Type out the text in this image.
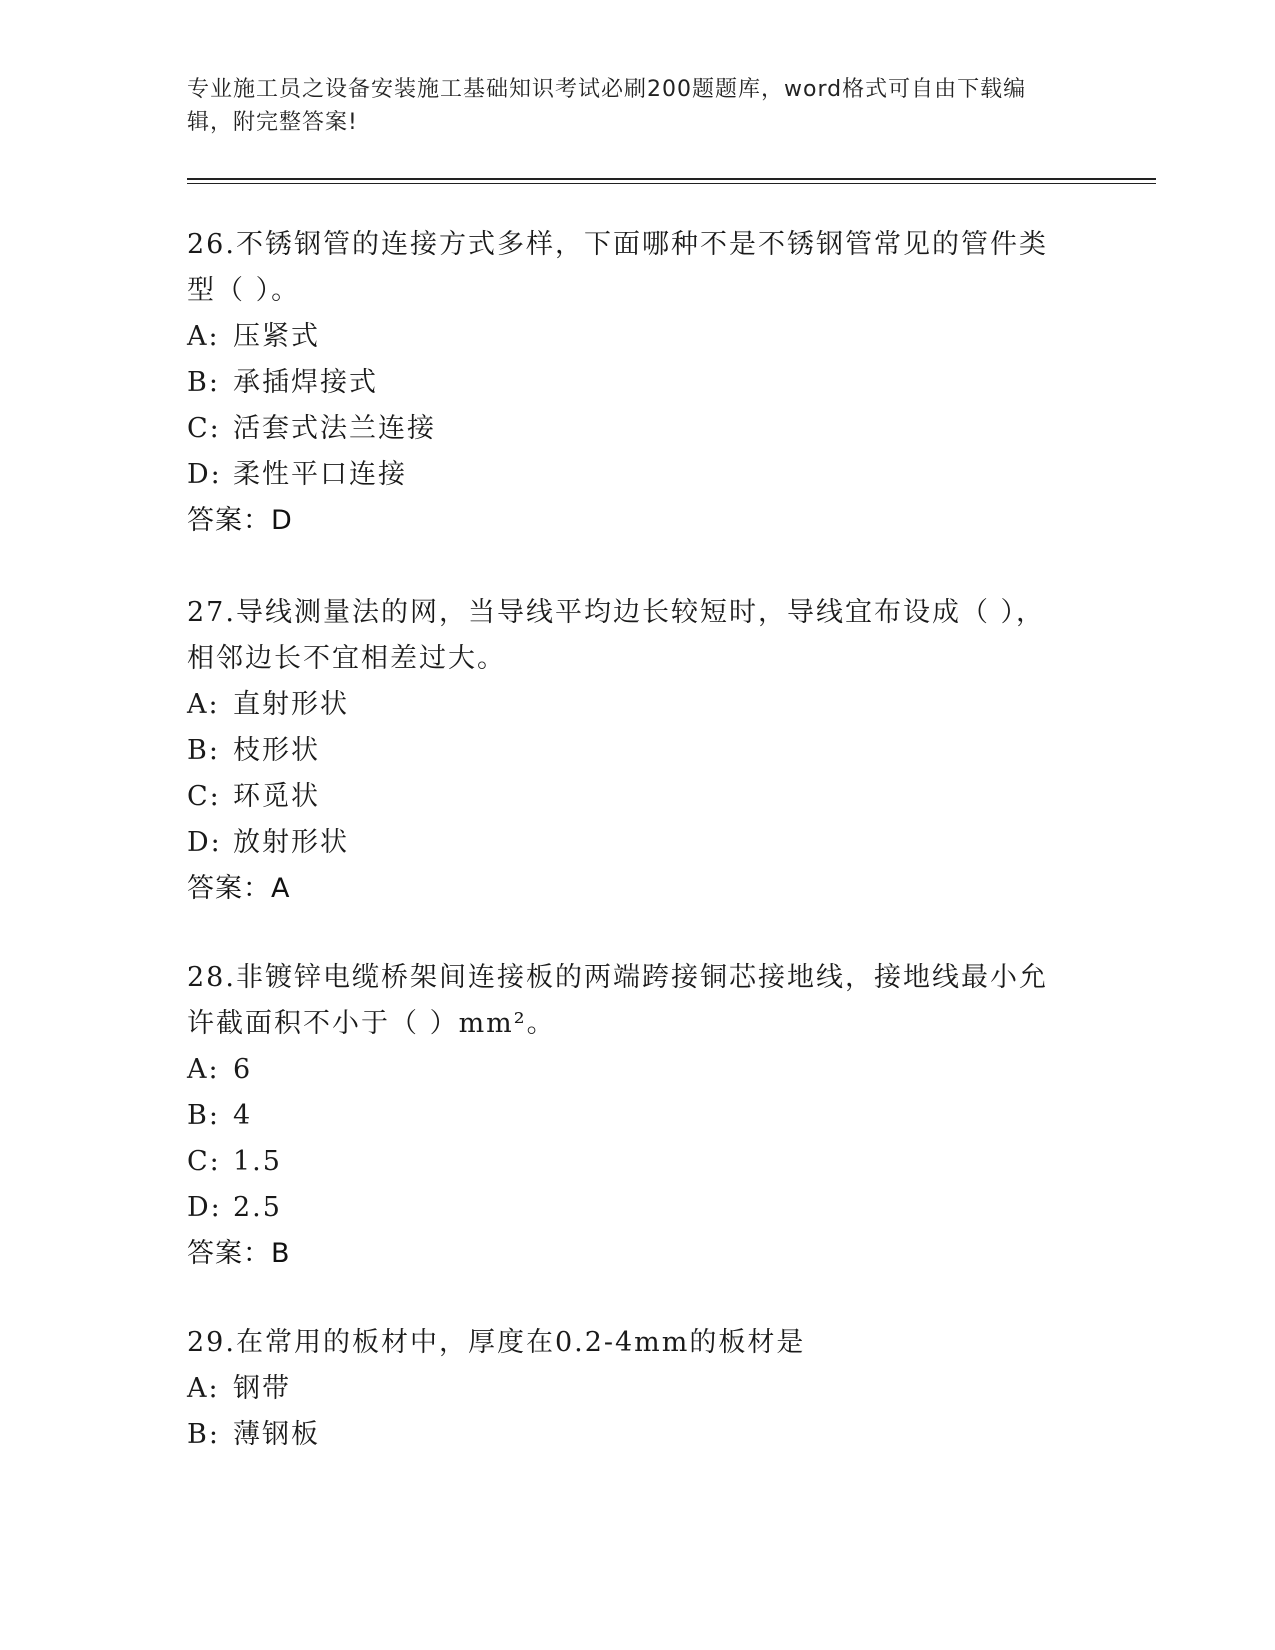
专业施工员之设备安装施工基础知识考试必刷200题题库，word格式可自由下载编辑，附完整答案!

26.不锈钢管的连接方式多样，下面哪种不是不锈钢管常见的管件类型（ ）。

A: 压紧式

B: 承插焊接式

C: 活套式法兰连接

D: 柔性平口连接

答案：D

27.导线测量法的网，当导线平均边长较短时，导线宜布设成（ ），相邻边长不宜相差过大。

A: 直射形状

B: 枝形状

C: 环觅状

D: 放射形状

答案：A

28.非镀锌电缆桥架间连接板的两端跨接铜芯接地线，接地线最小允许截面积不小于（ ）mm²。

A: 6

B: 4

C: 1.5

D: 2.5

答案：B

29.在常用的板材中，厚度在0.2-4mm的板材是

A: 钢带

B: 薄钢板
